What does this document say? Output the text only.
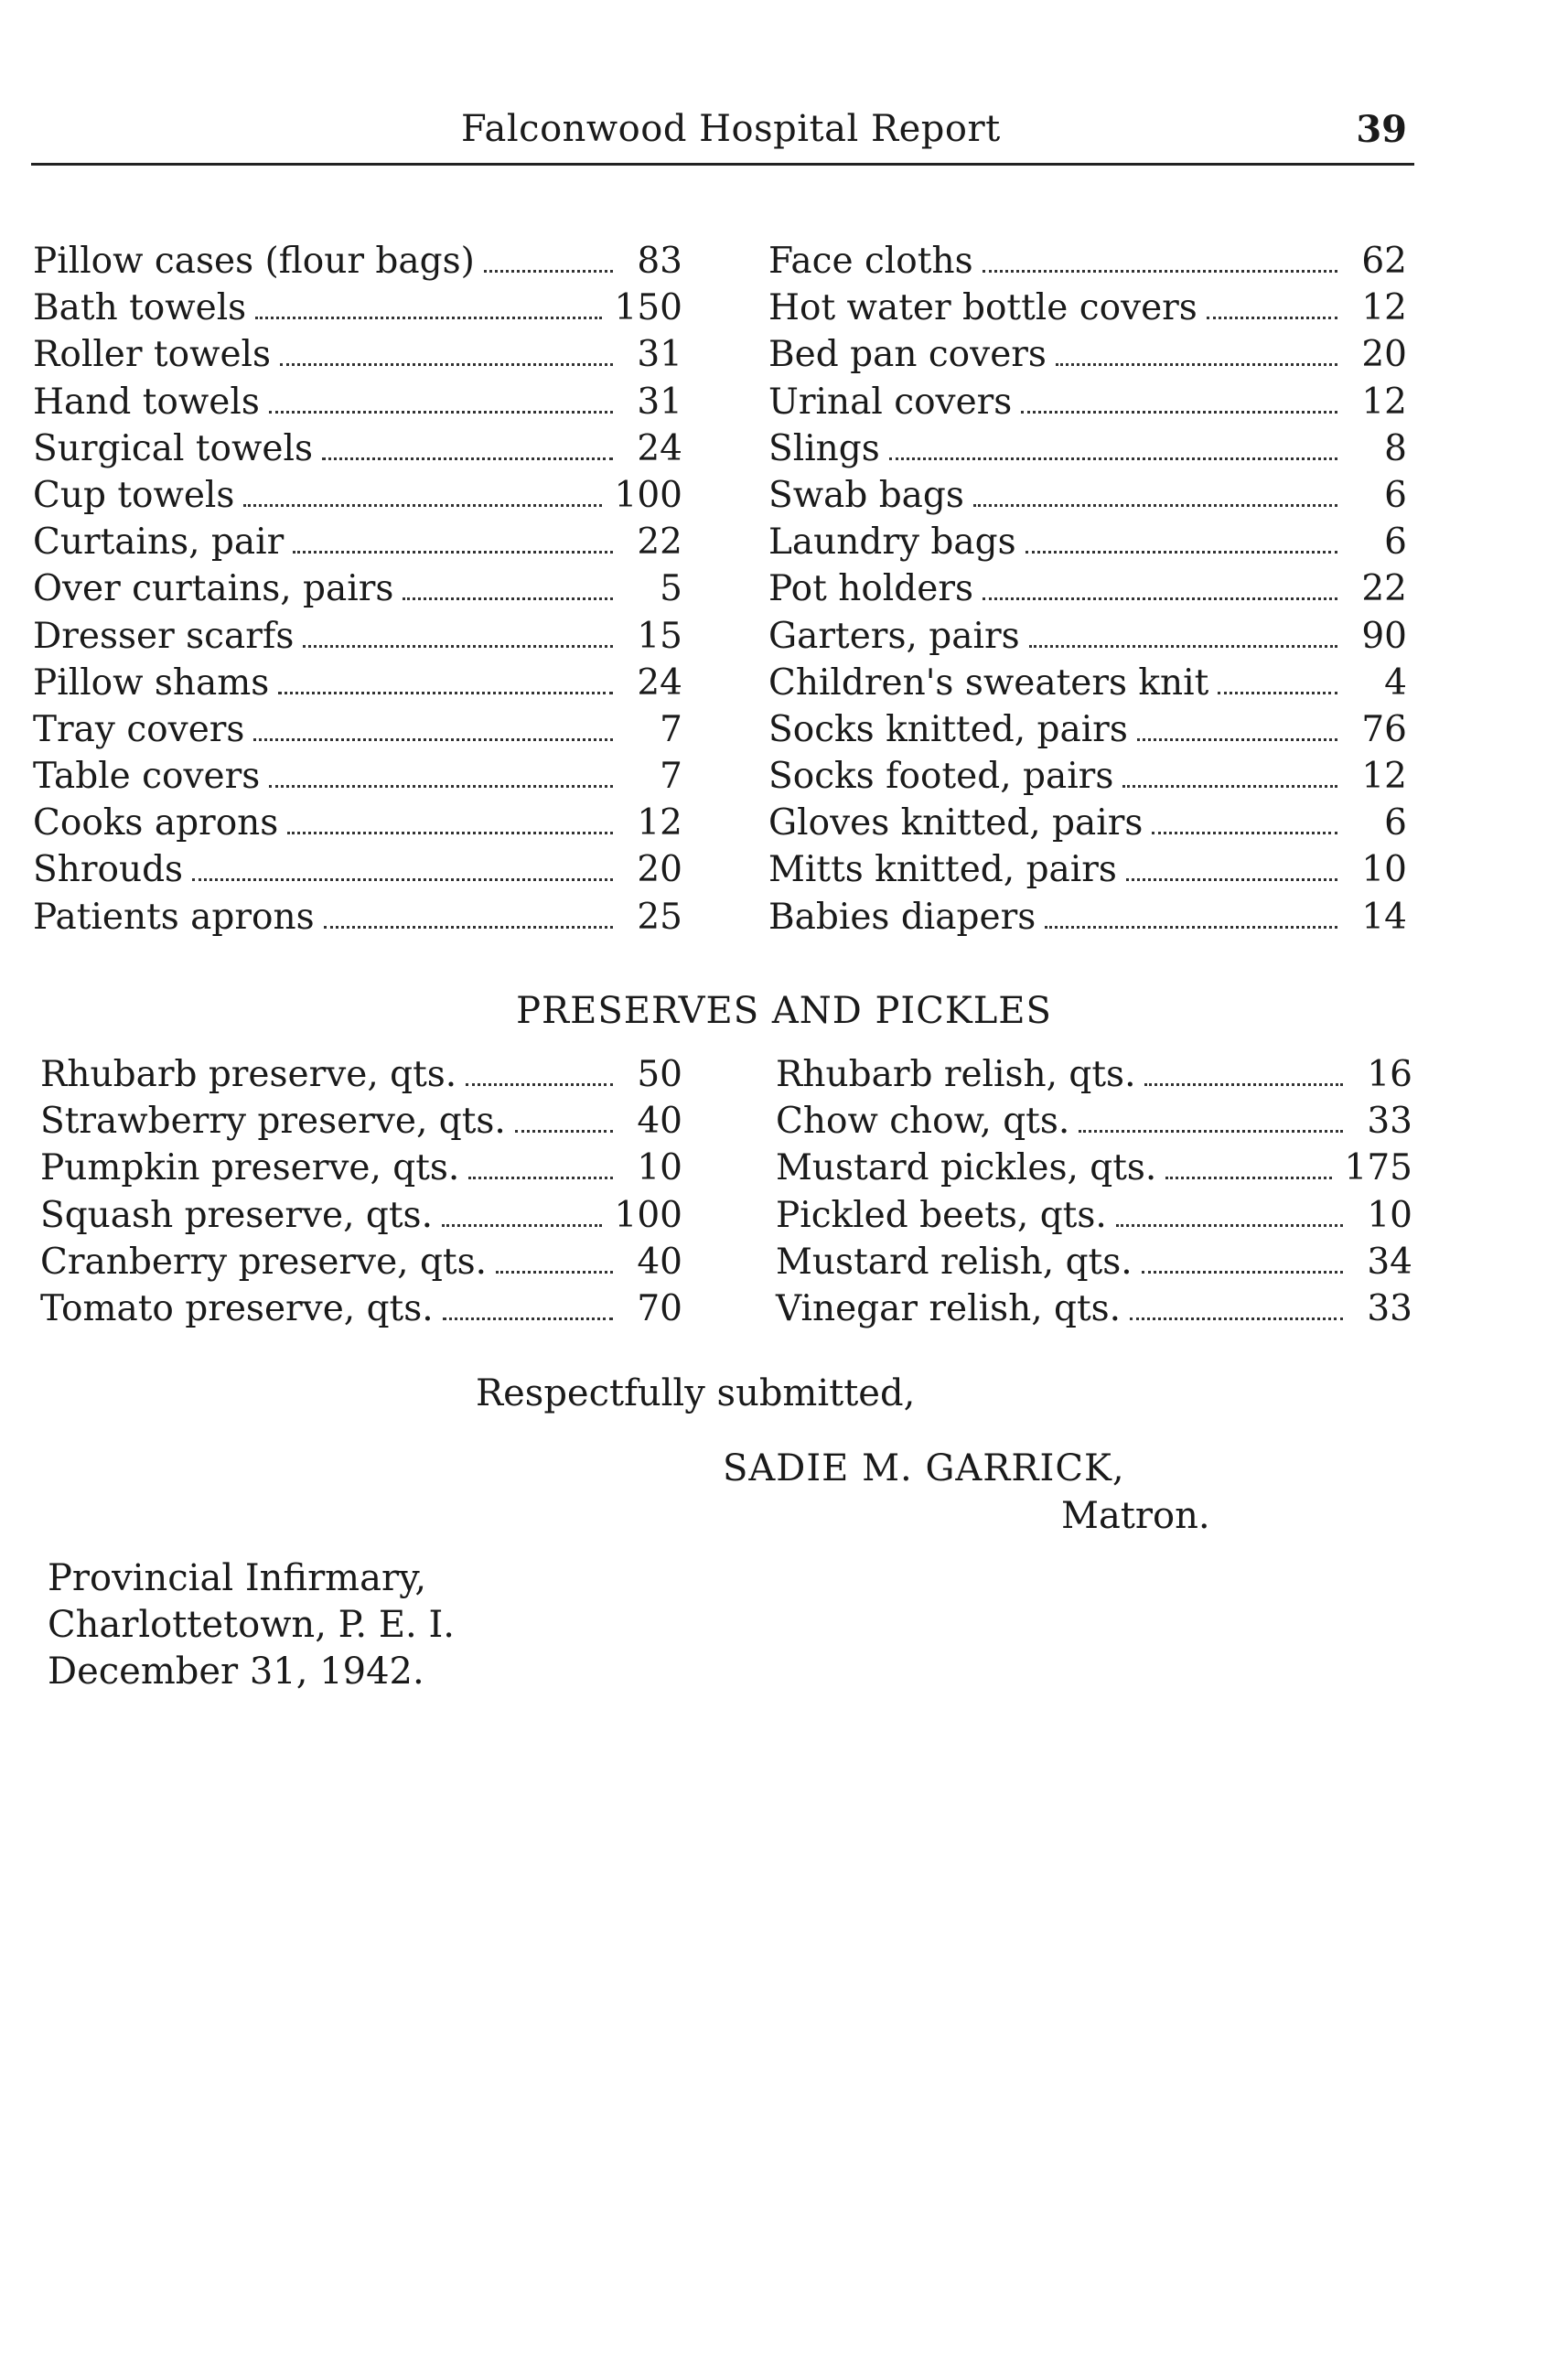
Falconwood Hospital Report	39
Pillow cases (flour bags)	83
Bath towels	150
Roller towels	31
Hand towels	31
Surgical towels	24
Cup towels	100
Curtains, pair	22
Over curtains, pairs	5
Dresser scarfs	15
Pillow shams	24
Tray covers	7
Table covers	7
Cooks aprons	12
Shrouds	20
Patients aprons	25
Face cloths	62
Hot water bottle covers	12
Bed pan covers	20
Urinal covers	12
Slings	8
Swab bags	6
Laundry bags	6
Pot holders	22
Garters, pairs	90
Children's sweaters knit	4
Socks knitted, pairs	76
Socks footed, pairs	12
Gloves knitted, pairs	6
Mitts knitted, pairs	10
Babies diapers	14
PRESERVES AND PICKLES
Rhubarb preserve, qts.	50
Strawberry preserve, qts.	40
Pumpkin preserve, qts.	10
Squash preserve, qts.	100
Cranberry preserve, qts.	40
Tomato preserve, qts.	70
Rhubarb relish, qts.	16
Chow chow, qts.	33
Mustard pickles, qts.	175
Pickled beets, qts.	10
Mustard relish, qts.	34
Vinegar relish, qts.	33
Respectfully submitted,
SADIE M. GARRICK,
Matron.
Provincial Infirmary,
Charlottetown, P. E. I.
December 31, 1942.
